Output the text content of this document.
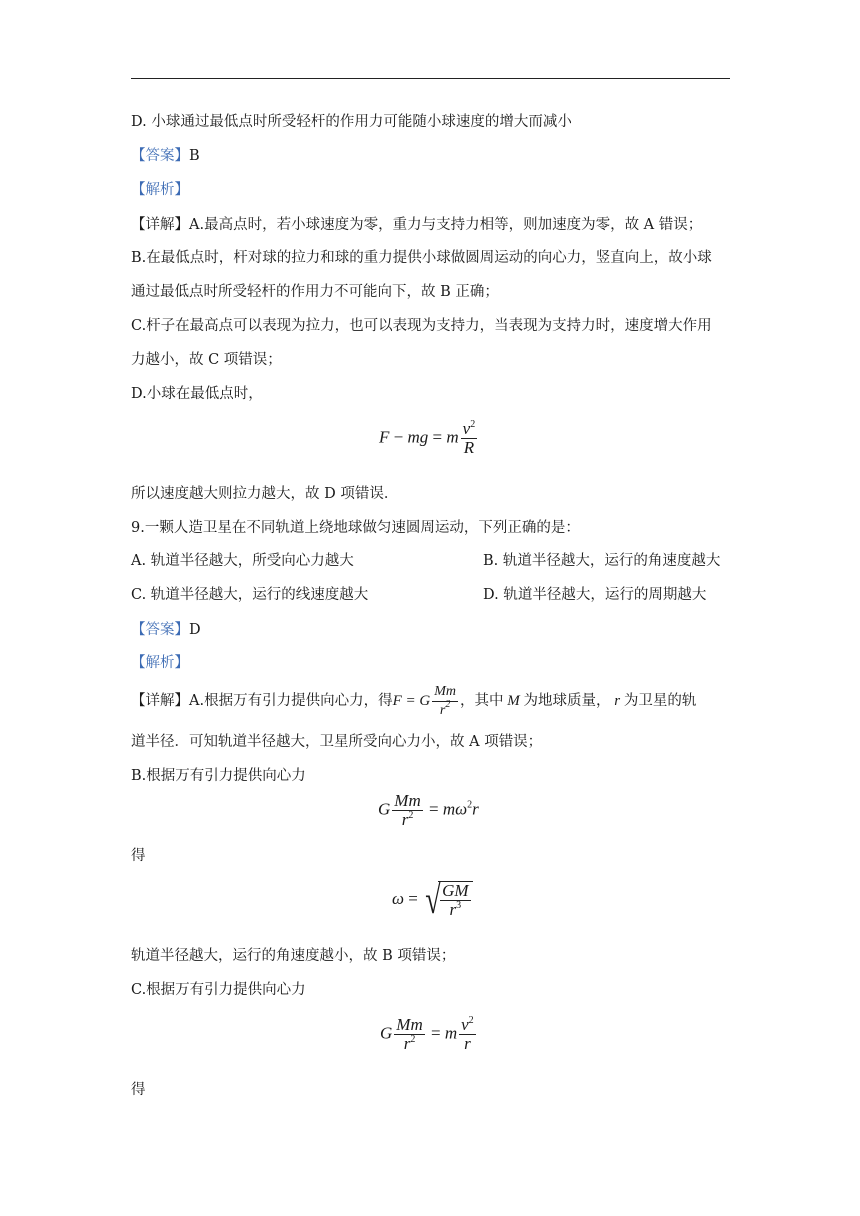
D. 小球通过最低点时所受轻杆的作用力可能随小球速度的增大而减小
【答案】B
【解析】
【详解】A.最高点时，若小球速度为零，重力与支持力相等，则加速度为零，故 A 错误；
B.在最低点时，杆对球的拉力和球的重力提供小球做圆周运动的向心力，竖直向上，故小球
通过最低点时所受轻杆的作用力不可能向下，故 B 正确；
C.杆子在最高点可以表现为拉力，也可以表现为支持力，当表现为支持力时，速度增大作用
力越小，故 C 项错误；
D.小球在最低点时，
F − mg = m $\frac{v^2}{R}$
所以速度越大则拉力越大，故 D 项错误．
9.一颗人造卫星在不同轨道上绕地球做匀速圆周运动，下列正确的是：
A. 轨道半径越大，所受向心力越大	B. 轨道半径越大，运行的角速度越大
C. 轨道半径越大，运行的线速度越大	D. 轨道半径越大，运行的周期越大
【答案】D
【解析】
【详解】A.根据万有引力提供向心力，得F = G $\frac{Mm}{r^2}$ ，其中 M 为地球质量， r 为卫星的轨
道半径．可知轨道半径越大，卫星所受向心力小，故 A 项错误；
B.根据万有引力提供向心力
G $\frac{Mm}{r^2} = m\omega^2r$
得
ω = √ $\frac{GM}{r^3}$
轨道半径越大，运行的角速度越小，故 B 项错误；
C.根据万有引力提供向心力
G $\frac{Mm}{r^2} = m \frac{v^2}{r}$
得
